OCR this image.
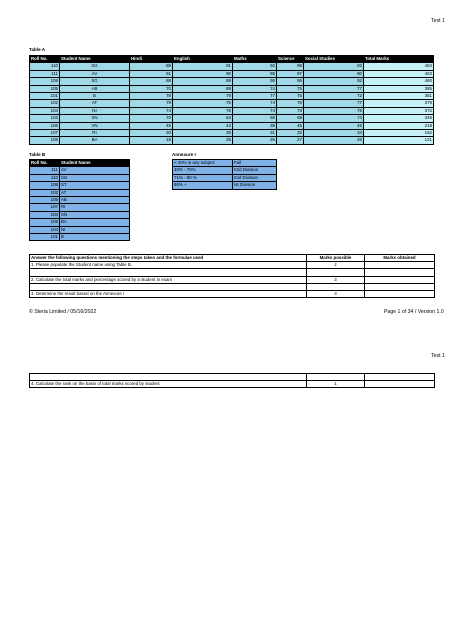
Test 1
Table A
Roll No.	Student Name	Hindi	English	Maths	Science	Social Studies	Total Marks
110	SG	89	91	92	99	92	463
111	AV	91	90	95	97	90	463
108	SG	88	89	95	96	92	460
105	AB	70	89	74	75	77	385
101	B	78	79	77	75	72	381
102	AT	79	75	74	76	77	379
104	NI	74	76	74	73	75	372
103	SN	70	64	68	69	74	345
106	VN	45	43	39	45	46	218
107	RI	30	35	31	32	34	162
109	BA	19	25	26	27	26	121
Table B
Roll No.	Student Name
111	AV
110	SG
108	ST
102	AT
105	AB
107	RI
103	SN
109	BA
104	NI
101	B
Annexure I
< 40% in any subject	Fail
40% - 70%	IIIrd Division
71% - 90 %	IInd Division
90% +	Ist Division
Answer the following questions mentioning the steps taken and the formulae used	Marks possible	Marks obtained
1. Please populate the Student name using Table B.	2	

2. Calculate the total marks and percentage scored by a student in exam	3	

3. Determine the result based on the Annexure I	3	
© Steria Limited / 05/16/2022	Page 1 of 34 / Version 1.0
Test 1

4. Calculate the rank on the basis of total marks scored by student	1	
